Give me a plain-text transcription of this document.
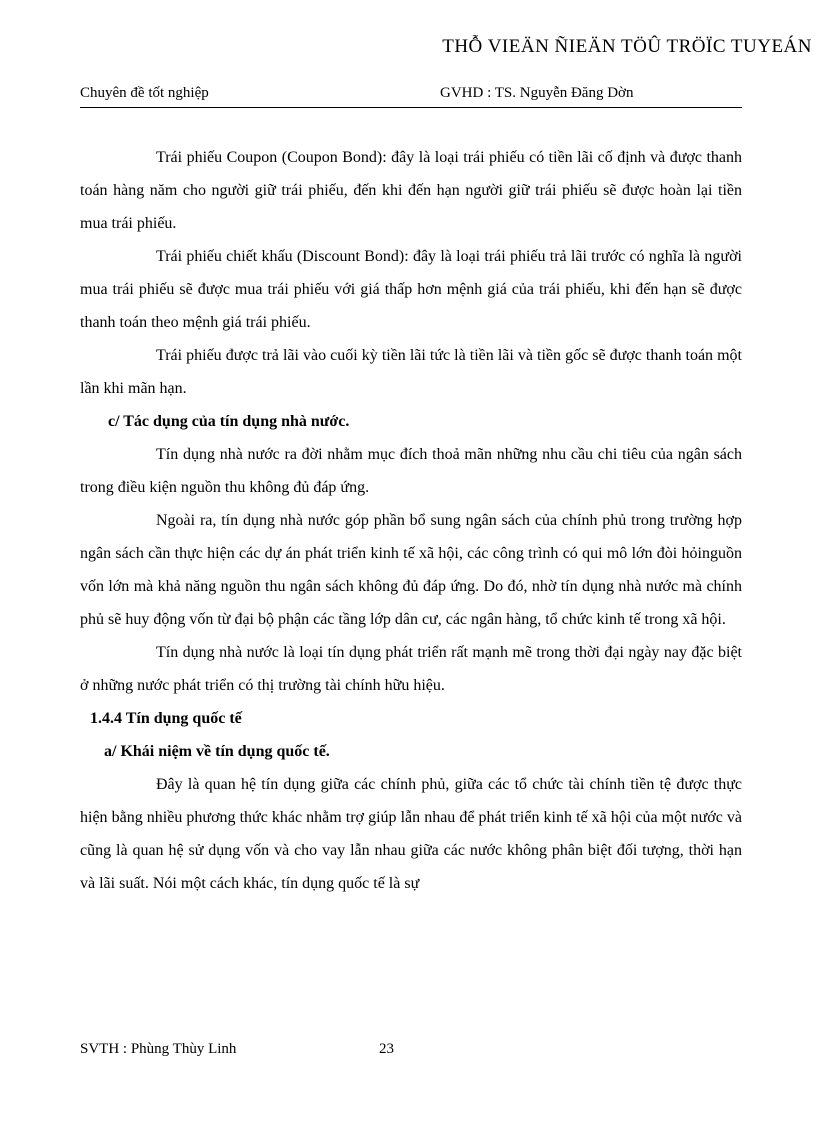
THỖ VIEÄN ÑIEÄN TÖÛ TRÖÏC TUYEÁN
Chuyên đề tốt nghiệp	GVHD : TS. Nguyễn Đăng Dờn

Trái phiếu Coupon (Coupon Bond): đây là loại trái phiếu có tiền lãi cố định và được thanh toán hàng năm cho người giữ trái phiếu, đến khi đến hạn người giữ trái phiếu sẽ được hoàn lại tiền mua trái phiếu.

Trái phiếu chiết khấu (Discount Bond): đây là loại trái phiếu trả lãi trước có nghĩa là người mua trái phiếu sẽ được mua trái phiếu với giá thấp hơn mệnh giá của trái phiếu, khi đến hạn sẽ được thanh toán theo mệnh giá trái phiếu.

Trái phiếu được trả lãi vào cuối kỳ tiền lãi tức là tiền lãi và tiền gốc sẽ được thanh toán một lần khi mãn hạn.

c/ Tác dụng của tín dụng nhà nước.

Tín dụng nhà nước ra đời nhằm mục đích thoả mãn những nhu cầu chi tiêu của ngân sách trong điều kiện nguồn thu không đủ đáp ứng.

Ngoài ra, tín dụng nhà nước góp phần bổ sung ngân sách của chính phủ trong trường hợp ngân sách cần thực hiện các dự án phát triển kinh tế xã hội, các công trình có qui mô lớn đòi hỏinguồn vốn lớn mà khả năng nguồn thu ngân sách không đủ đáp ứng. Do đó, nhờ tín dụng nhà nước mà chính phủ sẽ huy động vốn từ đại bộ phận các tầng lớp dân cư, các ngân hàng, tổ chức kinh tế trong xã hội.

Tín dụng nhà nước là loại tín dụng phát triển rất mạnh mẽ trong thời đại ngày nay đặc biệt ở những nước phát triển có thị trường tài chính hữu hiệu.

1.4.4 Tín dụng quốc tế
a/ Khái niệm về tín dụng quốc tế.

Đây là quan hệ tín dụng giữa các chính phủ, giữa các tổ chức tài chính tiền tệ được thực hiện bằng nhiều phương thức khác nhằm trợ giúp lẫn nhau để phát triển kinh tế xã hội của một nước và cũng là quan hệ sử dụng vốn và cho vay lẫn nhau giữa các nước không phân biệt đối tượng, thời hạn và lãi suất. Nói một cách khác, tín dụng quốc tế là sự

SVTH : Phùng Thùy Linh	23
